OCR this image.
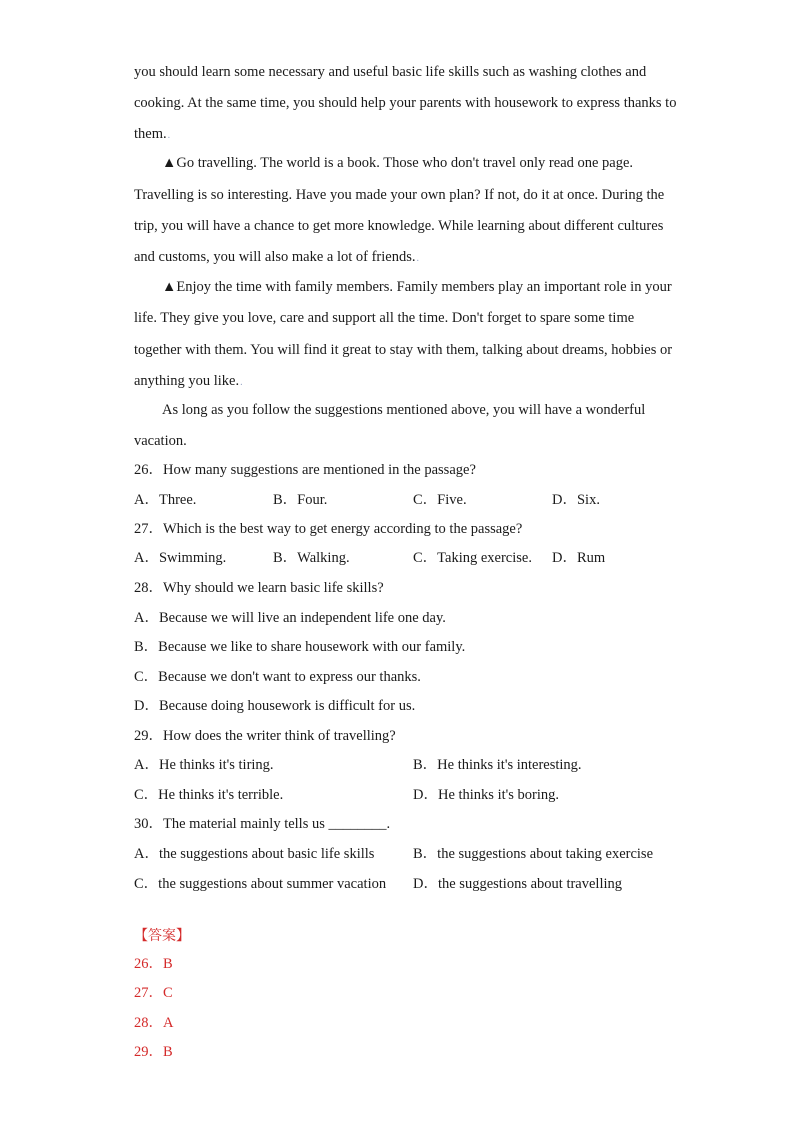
you should learn some necessary and useful basic life skills such as washing clothes and
cooking. At the same time, you should help your parents with housework to express thanks to
them..
▲Go travelling. The world is a book. Those who don't travel only read one page.
Travelling is so interesting. Have you made your own plan? If not, do it at once. During the
trip, you will have a chance to get more knowledge. While learning about different cultures
and customs, you will also make a lot of friends..
▲Enjoy the time with family members. Family members play an important role in your
life. They give you love, care and support all the time. Don't forget to spare some time
together with them. You will find it great to stay with them, talking about dreams, hobbies or
anything you like..
As long as you follow the suggestions mentioned above, you will have a wonderful
vacation.
26．How many suggestions are mentioned in the passage?
A．Three.	B．Four.	C．Five.	D．Six.
27．Which is the best way to get energy according to the passage?
A．Swimming.	B．Walking.	C．Taking exercise. D．Rum
28．Why should we learn basic life skills?
A．Because we will live an independent life one day.
B．Because we like to share housework with our family.
C．Because we don't want to express our thanks.
D．Because doing housework is difficult for us.
29．How does the writer think of travelling?
A．He thinks it's tiring.	B．He thinks it's interesting.
C．He thinks it's terrible.	D．He thinks it's boring.
30．The material mainly tells us ________.
A．the suggestions about basic life skills	B．the suggestions about taking exercise
C．the suggestions about summer vacation D．the suggestions about travelling
【答案】
26．B
27．C
28．A
29．B
